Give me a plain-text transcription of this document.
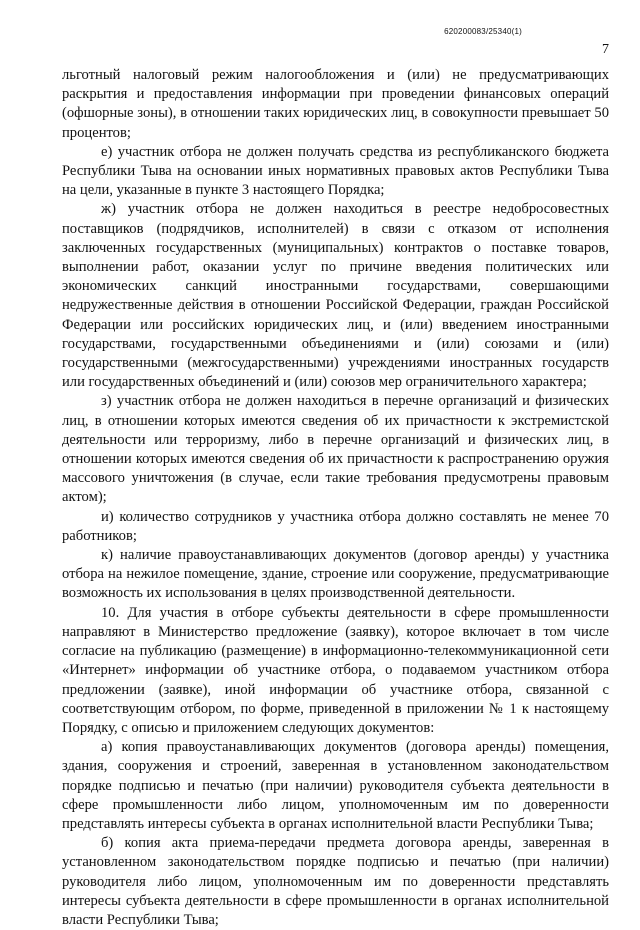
620200083/25340(1)
7

льготный налоговый режим налогообложения и (или) не предусматривающих раскрытия и предоставления информации при проведении финансовых операций (офшорные зоны), в отношении таких юридических лиц, в совокупности превышает 50 процентов;

е) участник отбора не должен получать средства из республиканского бюджета Республики Тыва на основании иных нормативных правовых актов Республики Тыва на цели, указанные в пункте 3 настоящего Порядка;

ж) участник отбора не должен находиться в реестре недобросовестных поставщиков (подрядчиков, исполнителей) в связи с отказом от исполнения заключенных государственных (муниципальных) контрактов о поставке товаров, выполнении работ, оказании услуг по причине введения политических или экономических санкций иностранными государствами, совершающими недружественные действия в отношении Российской Федерации, граждан Российской Федерации или российских юридических лиц, и (или) введением иностранными государствами, государственными объединениями и (или) союзами и (или) государственными (межгосударственными) учреждениями иностранных государств или государственных объединений и (или) союзов мер ограничительного характера;

з) участник отбора не должен находиться в перечне организаций и физических лиц, в отношении которых имеются сведения об их причастности к экстремистской деятельности или терроризму, либо в перечне организаций и физических лиц, в отношении которых имеются сведения об их причастности к распространению оружия массового уничтожения (в случае, если такие требования предусмотрены правовым актом);

и) количество сотрудников у участника отбора должно составлять не менее 70 работников;

к) наличие правоустанавливающих документов (договор аренды) у участника отбора на нежилое помещение, здание, строение или сооружение, предусматривающие возможность их использования в целях производственной деятельности.

10. Для участия в отборе субъекты деятельности в сфере промышленности направляют в Министерство предложение (заявку), которое включает в том числе согласие на публикацию (размещение) в информационно-телекоммуникационной сети «Интернет» информации об участнике отбора, о подаваемом участником отбора предложении (заявке), иной информации об участнике отбора, связанной с соответствующим отбором, по форме, приведенной в приложении № 1 к настоящему Порядку, с описью и приложением следующих документов:

а) копия правоустанавливающих документов (договора аренды) помещения, здания, сооружения и строений, заверенная в установленном законодательством порядке подписью и печатью (при наличии) руководителя субъекта деятельности в сфере промышленности либо лицом, уполномоченным им по доверенности представлять интересы субъекта в органах исполнительной власти Республики Тыва;

б) копия акта приема-передачи предмета договора аренды, заверенная в установленном законодательством порядке подписью и печатью (при наличии) руководителя либо лицом, уполномоченным им по доверенности представлять интересы субъекта деятельности в сфере промышленности в органах исполнительной власти Республики Тыва;
